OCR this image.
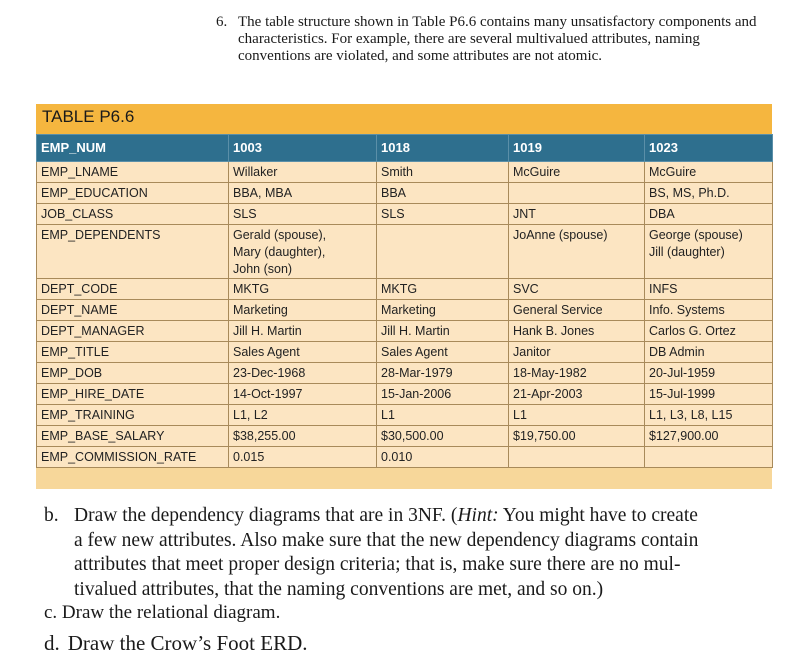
6. The table structure shown in Table P6.6 contains many unsatisfactory components and characteristics. For example, there are several multivalued attributes, naming conventions are violated, and some attributes are not atomic.
TABLE P6.6
EMP_NUM	1003	1018	1019	1023
EMP_LNAME	Willaker	Smith	McGuire	McGuire
EMP_EDUCATION	BBA, MBA	BBA		BS, MS, Ph.D.
JOB_CLASS	SLS	SLS	JNT	DBA
EMP_DEPENDENTS	Gerald (spouse),
Mary (daughter),
John (son)		JoAnne (spouse)	George (spouse)
Jill (daughter)
DEPT_CODE	MKTG	MKTG	SVC	INFS
DEPT_NAME	Marketing	Marketing	General Service	Info. Systems
DEPT_MANAGER	Jill H. Martin	Jill H. Martin	Hank B. Jones	Carlos G. Ortez
EMP_TITLE	Sales Agent	Sales Agent	Janitor	DB Admin
EMP_DOB	23-Dec-1968	28-Mar-1979	18-May-1982	20-Jul-1959
EMP_HIRE_DATE	14-Oct-1997	15-Jan-2006	21-Apr-2003	15-Jul-1999
EMP_TRAINING	L1, L2	L1	L1	L1, L3, L8, L15
EMP_BASE_SALARY	$38,255.00	$30,500.00	$19,750.00	$127,900.00
EMP_COMMISSION_RATE	0.015	0.010		
b. Draw the dependency diagrams that are in 3NF. (Hint: You might have to create
a few new attributes. Also make sure that the new dependency diagrams contain
attributes that meet proper design criteria; that is, make sure there are no mul-
tivalued attributes, that the naming conventions are met, and so on.)
c. Draw the relational diagram.
d. Draw the Crow’s Foot ERD.
